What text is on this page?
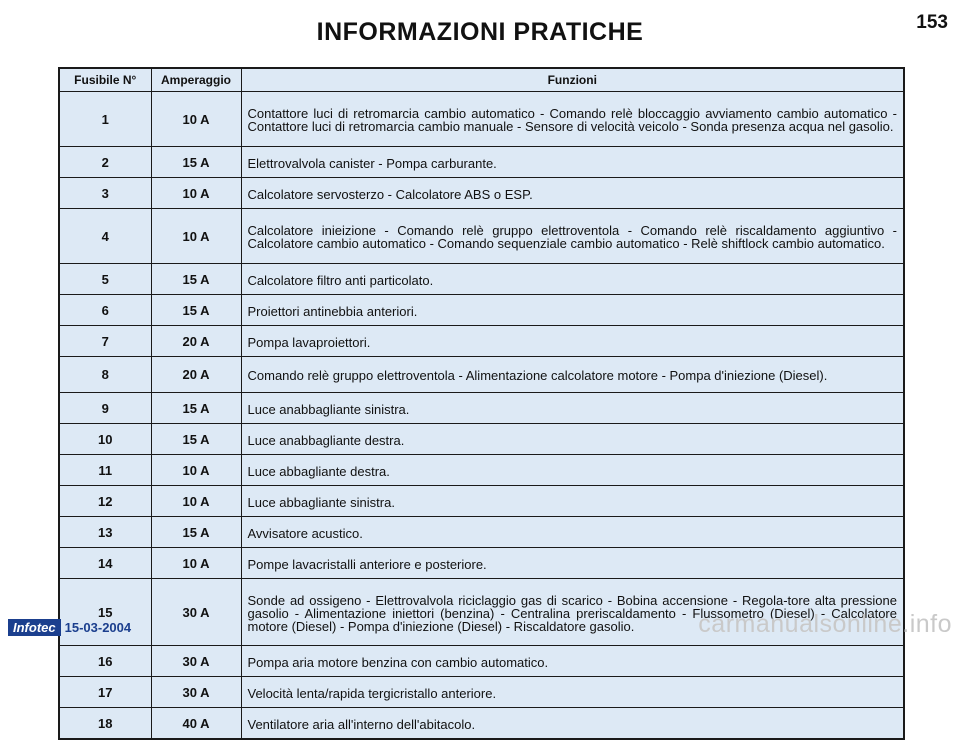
INFORMAZIONI PRATICHE	153
Fusibile N°	Amperaggio	Funzioni
1	10 A	Contattore luci di retromarcia cambio automatico - Comando relè bloccaggio avviamento cambio automatico - Contattore luci di retromarcia cambio manuale - Sensore di velocità veicolo - Sonda presenza acqua nel gasolio.
2	15 A	Elettrovalvola canister - Pompa carburante.
3	10 A	Calcolatore servosterzo - Calcolatore ABS o ESP.
4	10 A	Calcolatore inieizione - Comando relè gruppo elettroventola - Comando relè riscaldamento aggiuntivo - Calcolatore cambio automatico - Comando sequenziale cambio automatico - Relè shiftlock cambio automatico.
5	15 A	Calcolatore filtro anti particolato.
6	15 A	Proiettori antinebbia anteriori.
7	20 A	Pompa lavaproiettori.
8	20 A	Comando relè gruppo elettroventola - Alimentazione calcolatore motore - Pompa d'iniezione (Diesel).
9	15 A	Luce anabbagliante sinistra.
10	15 A	Luce anabbagliante destra.
11	10 A	Luce abbagliante destra.
12	10 A	Luce abbagliante sinistra.
13	15 A	Avvisatore acustico.
14	10 A	Pompe lavacristalli anteriore e posteriore.
15	30 A	Sonde ad ossigeno - Elettrovalvola riciclaggio gas di scarico - Bobina accensione - Regola-tore alta pressione gasolio - Alimentazione iniettori (benzina) - Centralina preriscaldamento - Flussometro (Diesel) - Calcolatore motore (Diesel) - Pompa d'iniezione (Diesel) - Riscaldatore gasolio.
16	30 A	Pompa aria motore benzina con cambio automatico.
17	30 A	Velocità lenta/rapida tergicristallo anteriore.
18	40 A	Ventilatore aria all'interno dell'abitacolo.
Infotec 15-03-2004	carmanualsonline.info
